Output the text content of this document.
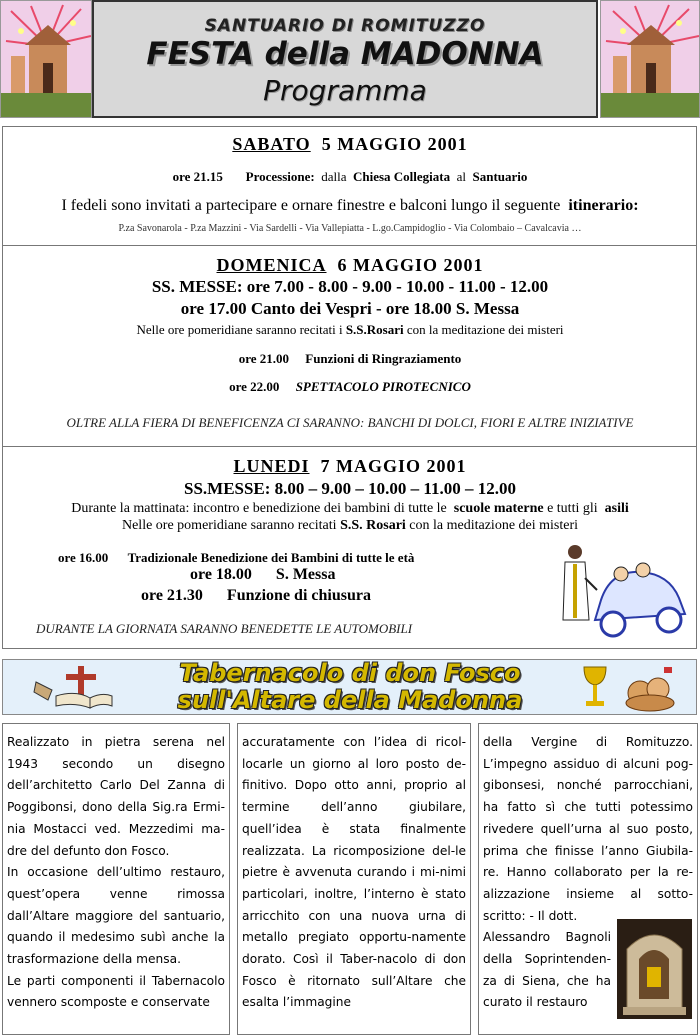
SANTUARIO DI ROMITUZZO
FESTA della MADONNA
Programma
SABATO 5 MAGGIO 2001
ore 21.15 Processione: dalla Chiesa Collegiata al Santuario
I fedeli sono invitati a partecipare e ornare finestre e balconi lungo il seguente itinerario:
P.za Savonarola - P.za Mazzini - Via Sardelli - Via Vallepiatta - L.go.Campidoglio - Via Colombaio – Cavalcavia …
DOMENICA 6 MAGGIO 2001
SS. MESSE: ore 7.00 - 8.00 - 9.00 - 10.00 - 11.00 - 12.00
ore 17.00 Canto dei Vespri - ore 18.00 S. Messa
Nelle ore pomeridiane saranno recitati i S.S.Rosari con la meditazione dei misteri
ore 21.00 Funzioni di Ringraziamento
ore 22.00 SPETTACOLO PIROTECNICO
OLTRE ALLA FIERA DI BENEFICENZA CI SARANNO: BANCHI DI DOLCI, FIORI E ALTRE INIZIATIVE
LUNEDI 7 MAGGIO 2001
SS.MESSE: 8.00 – 9.00 – 10.00 – 11.00 – 12.00
Durante la mattinata: incontro e benedizione dei bambini di tutte le scuole materne e tutti gli asili
Nelle ore pomeridiane saranno recitati S.S. Rosari con la meditazione dei misteri
ore 16.00 Tradizionale Benedizione dei Bambini di tutte le età
ore 18.00 S. Messa
ore 21.30 Funzione di chiusura
DURANTE LA GIORNATA SARANNO BENEDETTE LE AUTOMOBILI
Tabernacolo di don Fosco
sull'Altare della Madonna

Realizzato in pietra serena nel 1943 secondo un disegno dell’architetto Carlo Del Zanna di Poggibonsi, dono della Sig.ra Ermi-nia Mostacci ved. Mezzedimi ma-dre del defunto don Fosco.

In occasione dell’ultimo restauro, quest’opera venne rimossa dall’Altare maggiore del santuario, quando il medesimo subì anche la trasformazione della mensa.

Le parti componenti il Tabernacolo vennero scomposte e conservate

accuratamente con l’idea di ricol-locarle un giorno al loro posto de-finitivo. Dopo otto anni, proprio al termine dell’anno giubilare, quell’idea è stata finalmente realizzata. La ricomposizione del-le pietre è avvenuta curando i mi-nimi particolari, inoltre, l’interno è stato arricchito con una nuova urna di metallo pregiato opportu-namente dorato. Così il Taber-nacolo di don Fosco è ritornato sull’Altare che esalta l’immagine

della Vergine di Romituzzo. L’impegno assiduo di alcuni pog-gibonsesi, nonché parrocchiani, ha fatto sì che tutti potessimo rivedere quell’urna al suo posto, prima che finisse l’anno Giubila-re. Hanno collaborato per la re-alizzazione insieme al sotto-scritto: - Il dott.

Alessandro Bagnoli della Soprintenden-za di Siena, che ha curato il restauro
